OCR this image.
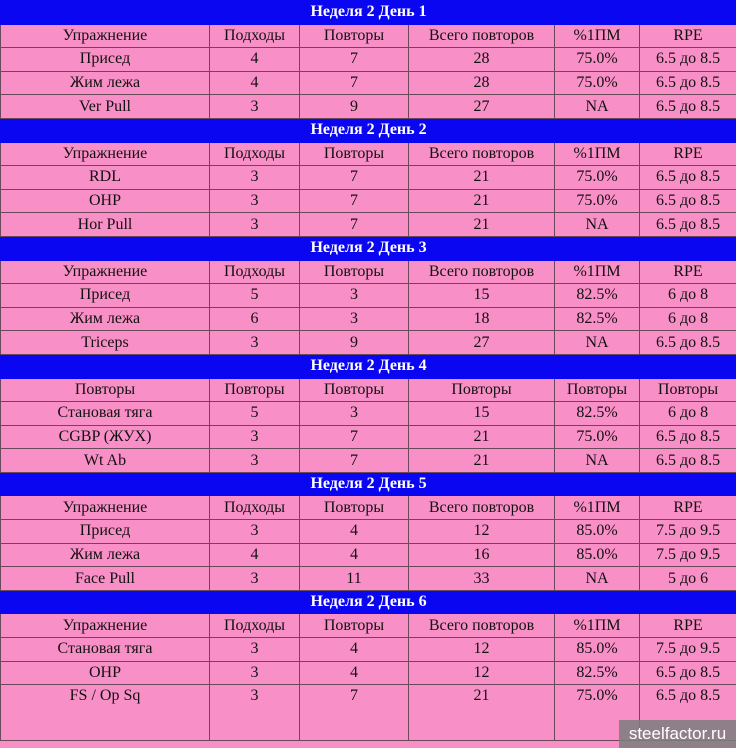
Неделя 2 День 1					
Упражнение	Подходы	Повторы	Всего повторов	%1ПМ	RPE
Присед	4	7	28	75.0%	6.5 до 8.5
Жим лежа	4	7	28	75.0%	6.5 до 8.5
Ver Pull	3	9	27	NA	6.5 до 8.5
Неделя 2 День 2					
Упражнение	Подходы	Повторы	Всего повторов	%1ПМ	RPE
RDL	3	7	21	75.0%	6.5 до 8.5
OHP	3	7	21	75.0%	6.5 до 8.5
Hor Pull	3	7	21	NA	6.5 до 8.5
Неделя 2 День 3					
Упражнение	Подходы	Повторы	Всего повторов	%1ПМ	RPE
Присед	5	3	15	82.5%	6 до 8
Жим лежа	6	3	18	82.5%	6 до 8
Triceps	3	9	27	NA	6.5 до 8.5
Неделя 2 День 4					
Повторы	Повторы	Повторы	Повторы	Повторы	Повторы
Становая тяга	5	3	15	82.5%	6 до 8
CGBP (ЖУХ)	3	7	21	75.0%	6.5 до 8.5
Wt Ab	3	7	21	NA	6.5 до 8.5
Неделя 2 День 5					
Упражнение	Подходы	Повторы	Всего повторов	%1ПМ	RPE
Присед	3	4	12	85.0%	7.5 до 9.5
Жим лежа	4	4	16	85.0%	7.5 до 9.5
Face Pull	3	11	33	NA	5 до 6
Неделя 2 День 6					
Упражнение	Подходы	Повторы	Всего повторов	%1ПМ	RPE
Становая тяга	3	4	12	85.0%	7.5 до 9.5
OHP	3	4	12	82.5%	6.5 до 8.5
FS / Op Sq	3	7	21	75.0%	6.5 до 8.5
steelfactor.ru
